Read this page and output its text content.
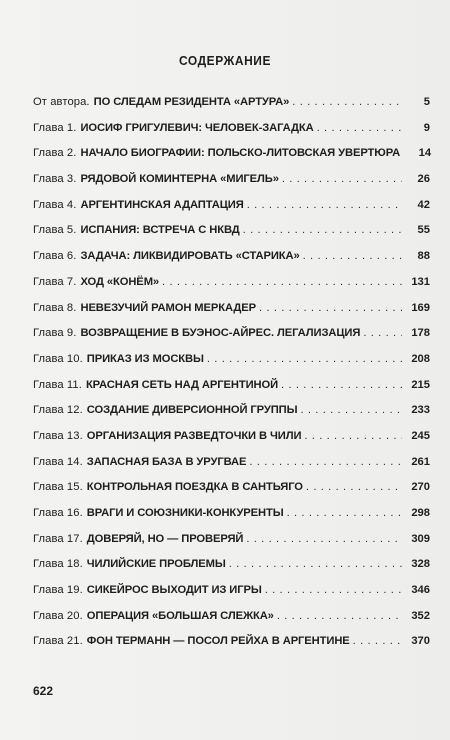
СОДЕРЖАНИЕ
От автора. ПО СЛЕДАМ РЕЗИДЕНТА «АРТУРА» . . .	5
Глава 1. ИОСИФ ГРИГУЛЕВИЧ: ЧЕЛОВЕК-ЗАГАДКА . . .	9
Глава 2. НАЧАЛО БИОГРАФИИ: ПОЛЬСКО-ЛИТОВСКАЯ УВЕРТЮРА	14
Глава 3. РЯДОВОЙ КОМИНТЕРНА «МИГЕЛЬ» . . .	26
Глава 4. АРГЕНТИНСКАЯ АДАПТАЦИЯ . . .	42
Глава 5. ИСПАНИЯ: ВСТРЕЧА С НКВД . . .	55
Глава 6. ЗАДАЧА: ЛИКВИДИРОВАТЬ «СТАРИКА» . . .	88
Глава 7. ХОД «КОНЁМ» . . .	131
Глава 8. НЕВЕЗУЧИЙ РАМОН МЕРКАДЕР . . .	169
Глава 9. ВОЗВРАЩЕНИЕ В БУЭНОС-АЙРЕС. ЛЕГАЛИЗАЦИЯ . . .	178
Глава 10. ПРИКАЗ ИЗ МОСКВЫ . . .	208
Глава 11. КРАСНАЯ СЕТЬ НАД АРГЕНТИНОЙ . . .	215
Глава 12. СОЗДАНИЕ ДИВЕРСИОННОЙ ГРУППЫ . . .	233
Глава 13. ОРГАНИЗАЦИЯ РАЗВЕДТОЧКИ В ЧИЛИ . . .	245
Глава 14. ЗАПАСНАЯ БАЗА В УРУГВАЕ . . .	261
Глава 15. КОНТРОЛЬНАЯ ПОЕЗДКА В САНТЬЯГО . . .	270
Глава 16. ВРАГИ И СОЮЗНИКИ-КОНКУРЕНТЫ . . .	298
Глава 17. ДОВЕРЯЙ, НО — ПРОВЕРЯЙ . . .	309
Глава 18. ЧИЛИЙСКИЕ ПРОБЛЕМЫ . . .	328
Глава 19. СИКЕЙРОС ВЫХОДИТ ИЗ ИГРЫ . . .	346
Глава 20. ОПЕРАЦИЯ «БОЛЬШАЯ СЛЕЖКА» . . .	352
Глава 21. ФОН ТЕРМАНН — ПОСОЛ РЕЙХА В АРГЕНТИНЕ . . .	370
622
